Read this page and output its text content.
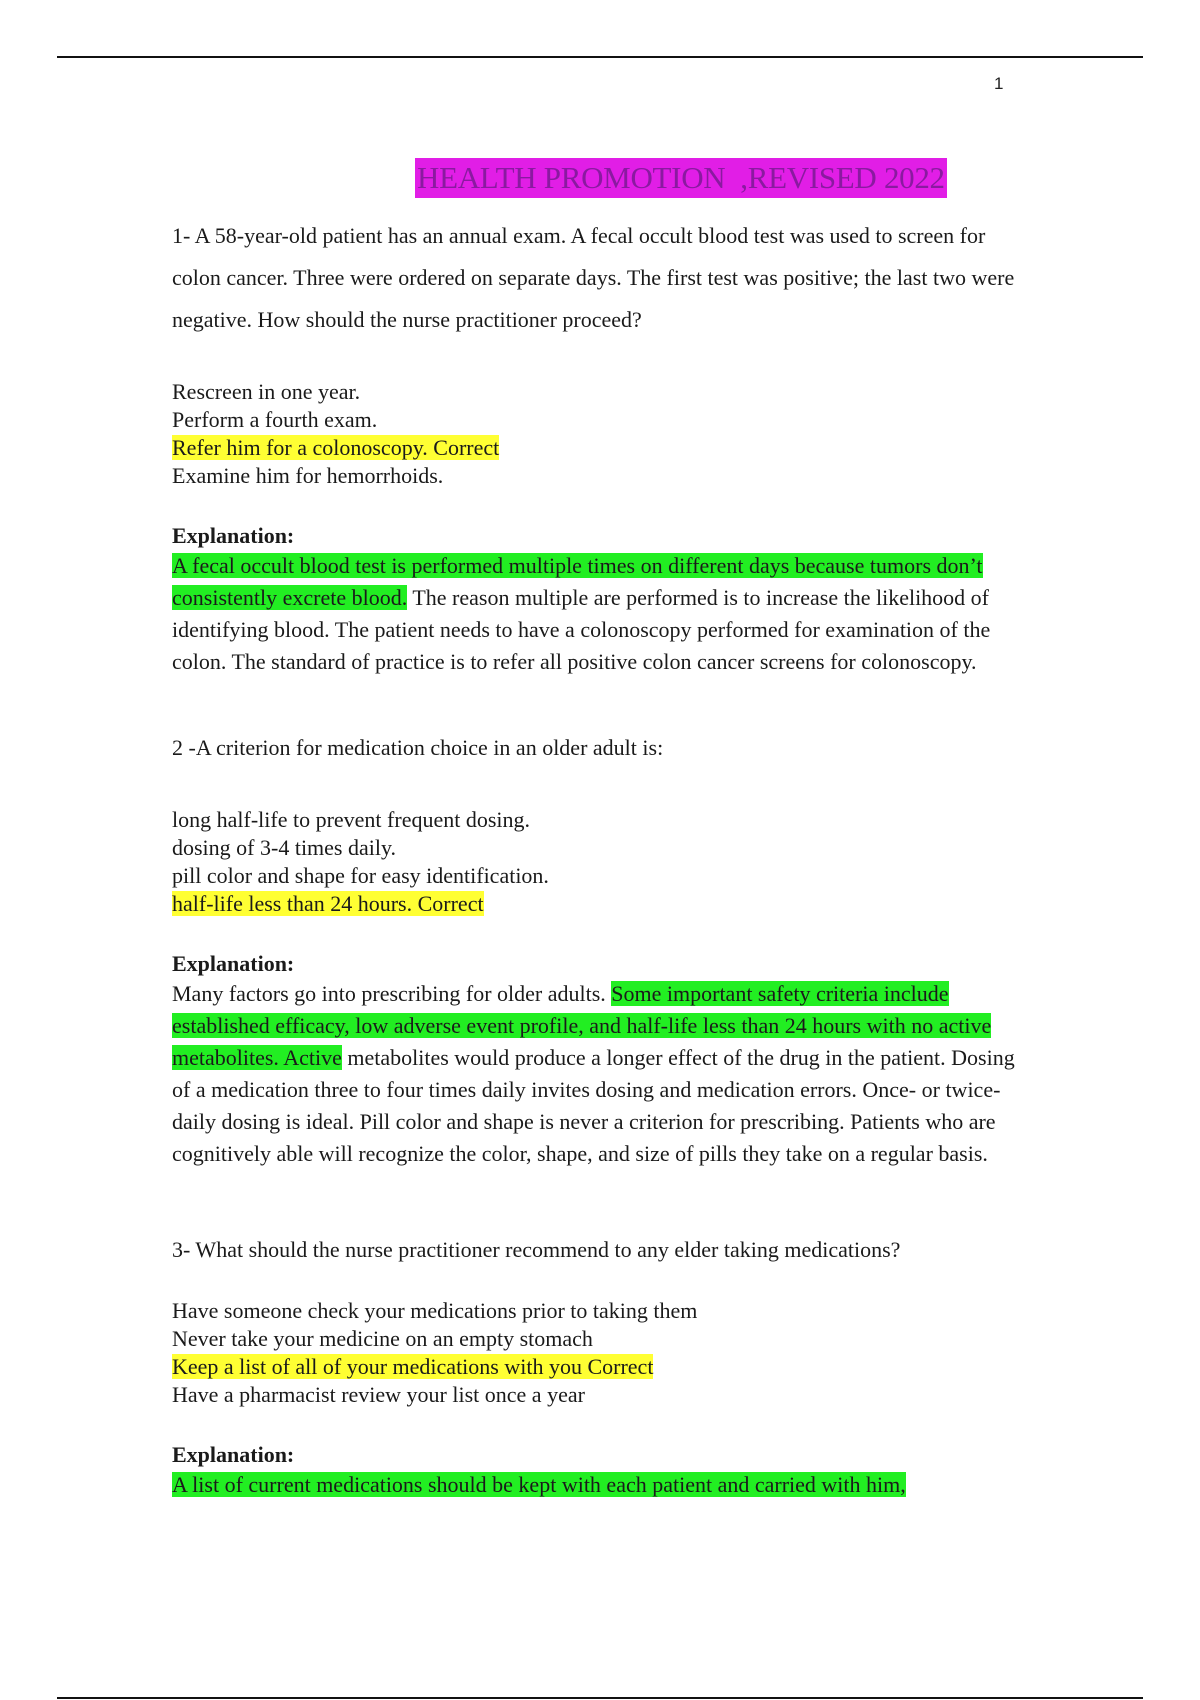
1
HEALTH PROMOTION  ,REVISED 2022
1- A 58-year-old patient has an annual exam. A fecal occult blood test was used to screen for colon cancer. Three were ordered on separate days. The first test was positive; the last two were negative. How should the nurse practitioner proceed?
Rescreen in one year.
Perform a fourth exam.
Refer him for a colonoscopy. Correct
Examine him for hemorrhoids.
Explanation:
A fecal occult blood test is performed multiple times on different days because tumors don’t consistently excrete blood. The reason multiple are performed is to increase the likelihood of identifying blood. The patient needs to have a colonoscopy performed for examination of the colon. The standard of practice is to refer all positive colon cancer screens for colonoscopy.
2 -A criterion for medication choice in an older adult is:
long half-life to prevent frequent dosing.
dosing of 3-4 times daily.
pill color and shape for easy identification.
half-life less than 24 hours. Correct
Explanation:
Many factors go into prescribing for older adults. Some important safety criteria include established efficacy, low adverse event profile, and half-life less than 24 hours with no active metabolites. Active metabolites would produce a longer effect of the drug in the patient. Dosing of a medication three to four times daily invites dosing and medication errors. Once- or twice-daily dosing is ideal. Pill color and shape is never a criterion for prescribing. Patients who are cognitively able will recognize the color, shape, and size of pills they take on a regular basis.
3- What should the nurse practitioner recommend to any elder taking medications?
Have someone check your medications prior to taking them
Never take your medicine on an empty stomach
Keep a list of all of your medications with you Correct
Have a pharmacist review your list once a year
Explanation:
A list of current medications should be kept with each patient and carried with him,
